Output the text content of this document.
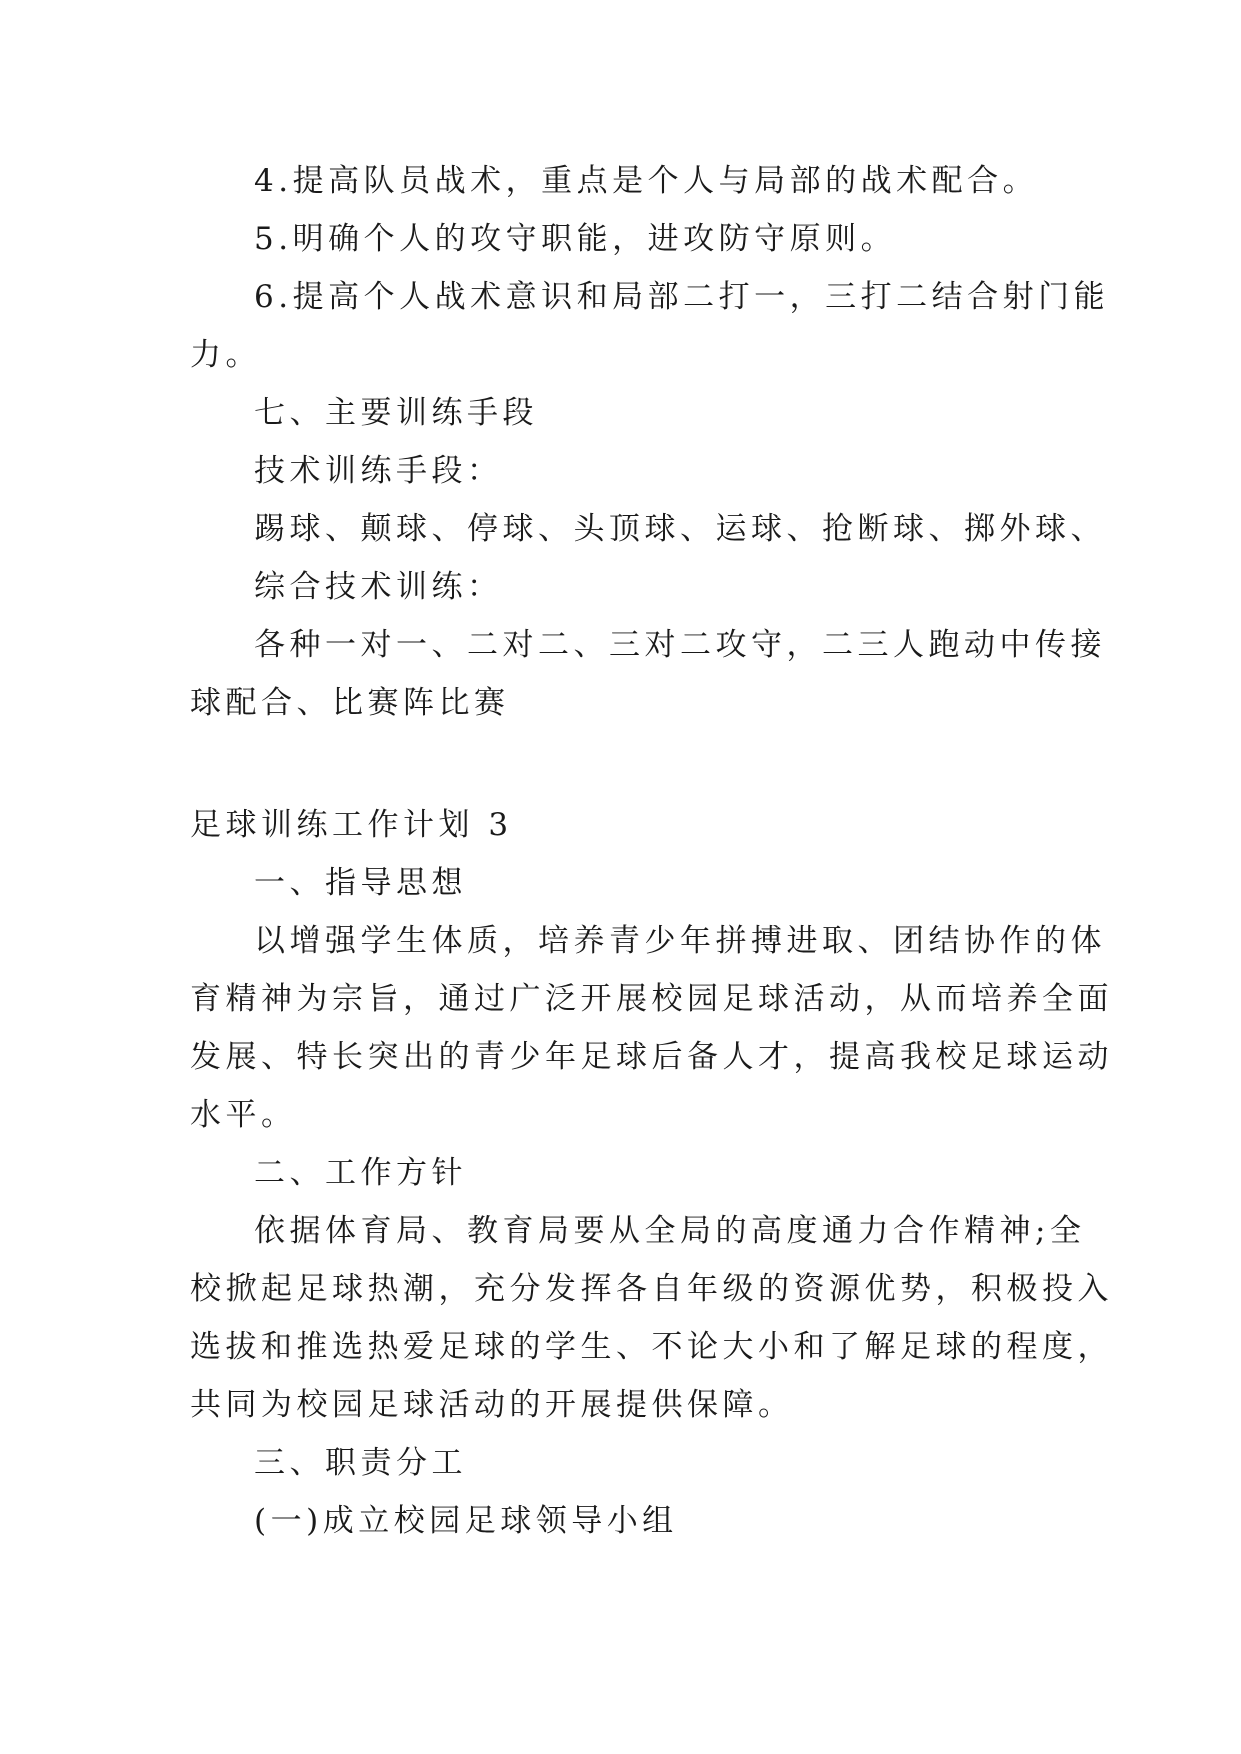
4.提高队员战术，重点是个人与局部的战术配合。
5.明确个人的攻守职能，进攻防守原则。
6.提高个人战术意识和局部二打一，三打二结合射门能
力。
七、主要训练手段
技术训练手段：
踢球、颠球、停球、头顶球、运球、抢断球、掷外球、
综合技术训练：
各种一对一、二对二、三对二攻守，二三人跑动中传接
球配合、比赛阵比赛
足球训练工作计划 3
一、指导思想
以增强学生体质，培养青少年拼搏进取、团结协作的体
育精神为宗旨，通过广泛开展校园足球活动，从而培养全面
发展、特长突出的青少年足球后备人才，提高我校足球运动
水平。
二、工作方针
依据体育局、教育局要从全局的高度通力合作精神;全
校掀起足球热潮，充分发挥各自年级的资源优势，积极投入
选拔和推选热爱足球的学生、不论大小和了解足球的程度，
共同为校园足球活动的开展提供保障。
三、职责分工
(一)成立校园足球领导小组
